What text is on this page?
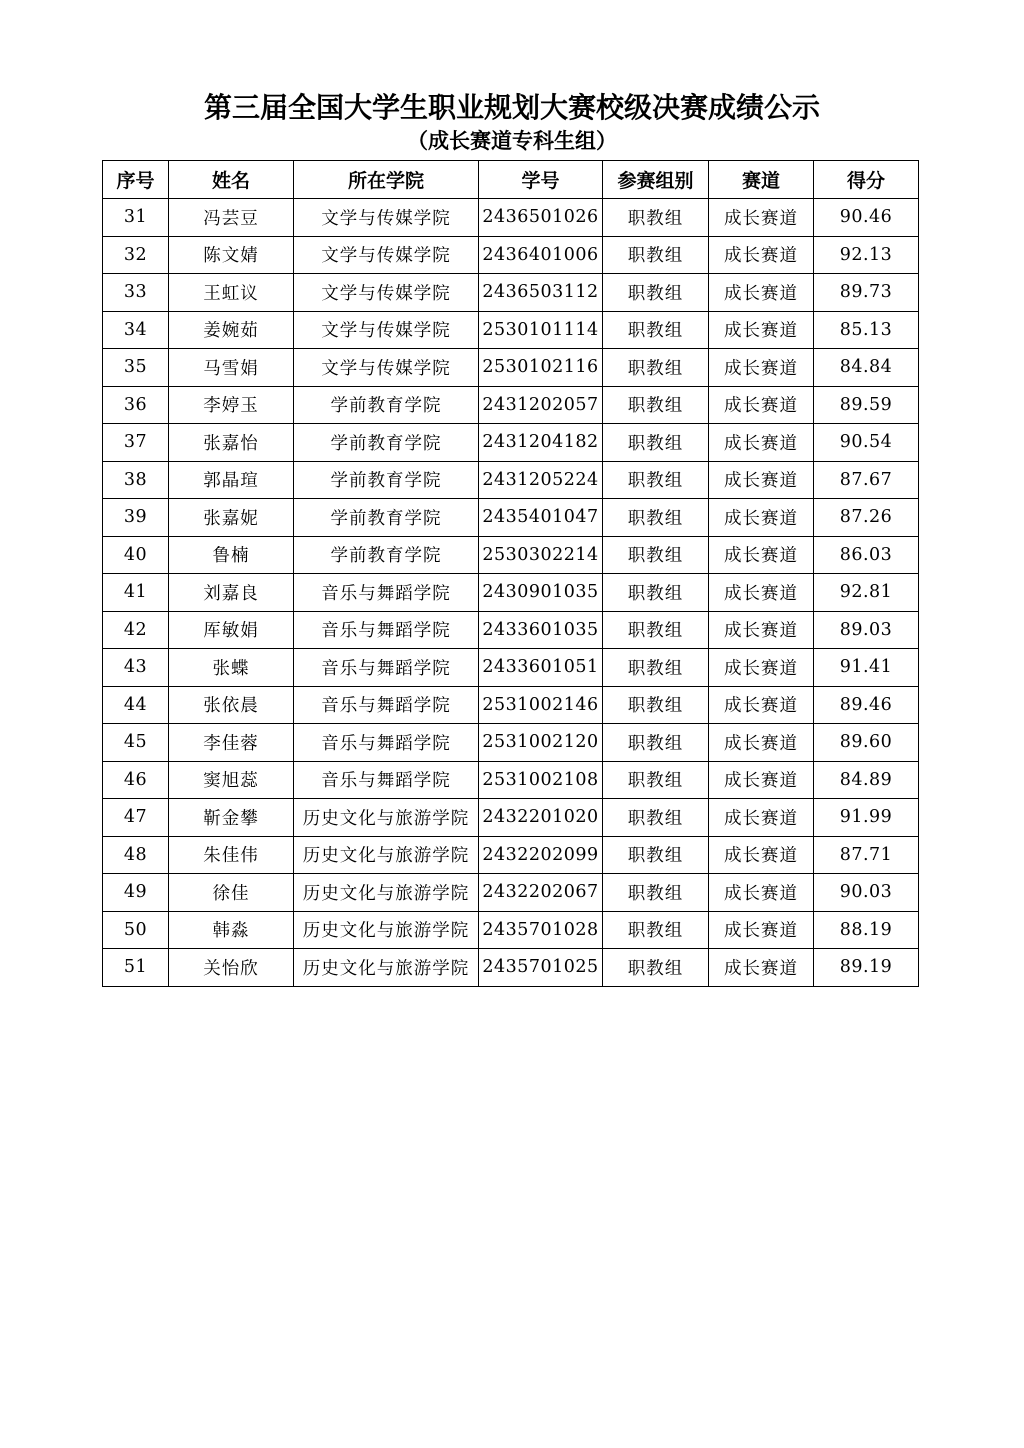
第三届全国大学生职业规划大赛校级决赛成绩公示
（成长赛道专科生组）
序号	姓名	所在学院	学号	参赛组别	赛道	得分
31	冯芸豆	文学与传媒学院	2436501026	职教组	成长赛道	90.46
32	陈文婧	文学与传媒学院	2436401006	职教组	成长赛道	92.13
33	王虹议	文学与传媒学院	2436503112	职教组	成长赛道	89.73
34	姜婉茹	文学与传媒学院	2530101114	职教组	成长赛道	85.13
35	马雪娟	文学与传媒学院	2530102116	职教组	成长赛道	84.84
36	李婷玉	学前教育学院	2431202057	职教组	成长赛道	89.59
37	张嘉怡	学前教育学院	2431204182	职教组	成长赛道	90.54
38	郭晶瑄	学前教育学院	2431205224	职教组	成长赛道	87.67
39	张嘉妮	学前教育学院	2435401047	职教组	成长赛道	87.26
40	鲁楠	学前教育学院	2530302214	职教组	成长赛道	86.03
41	刘嘉良	音乐与舞蹈学院	2430901035	职教组	成长赛道	92.81
42	厍敏娟	音乐与舞蹈学院	2433601035	职教组	成长赛道	89.03
43	张蝶	音乐与舞蹈学院	2433601051	职教组	成长赛道	91.41
44	张依晨	音乐与舞蹈学院	2531002146	职教组	成长赛道	89.46
45	李佳蓉	音乐与舞蹈学院	2531002120	职教组	成长赛道	89.60
46	窦旭蕊	音乐与舞蹈学院	2531002108	职教组	成长赛道	84.89
47	靳金攀	历史文化与旅游学院	2432201020	职教组	成长赛道	91.99
48	朱佳伟	历史文化与旅游学院	2432202099	职教组	成长赛道	87.71
49	徐佳	历史文化与旅游学院	2432202067	职教组	成长赛道	90.03
50	韩淼	历史文化与旅游学院	2435701028	职教组	成长赛道	88.19
51	关怡欣	历史文化与旅游学院	2435701025	职教组	成长赛道	89.19
